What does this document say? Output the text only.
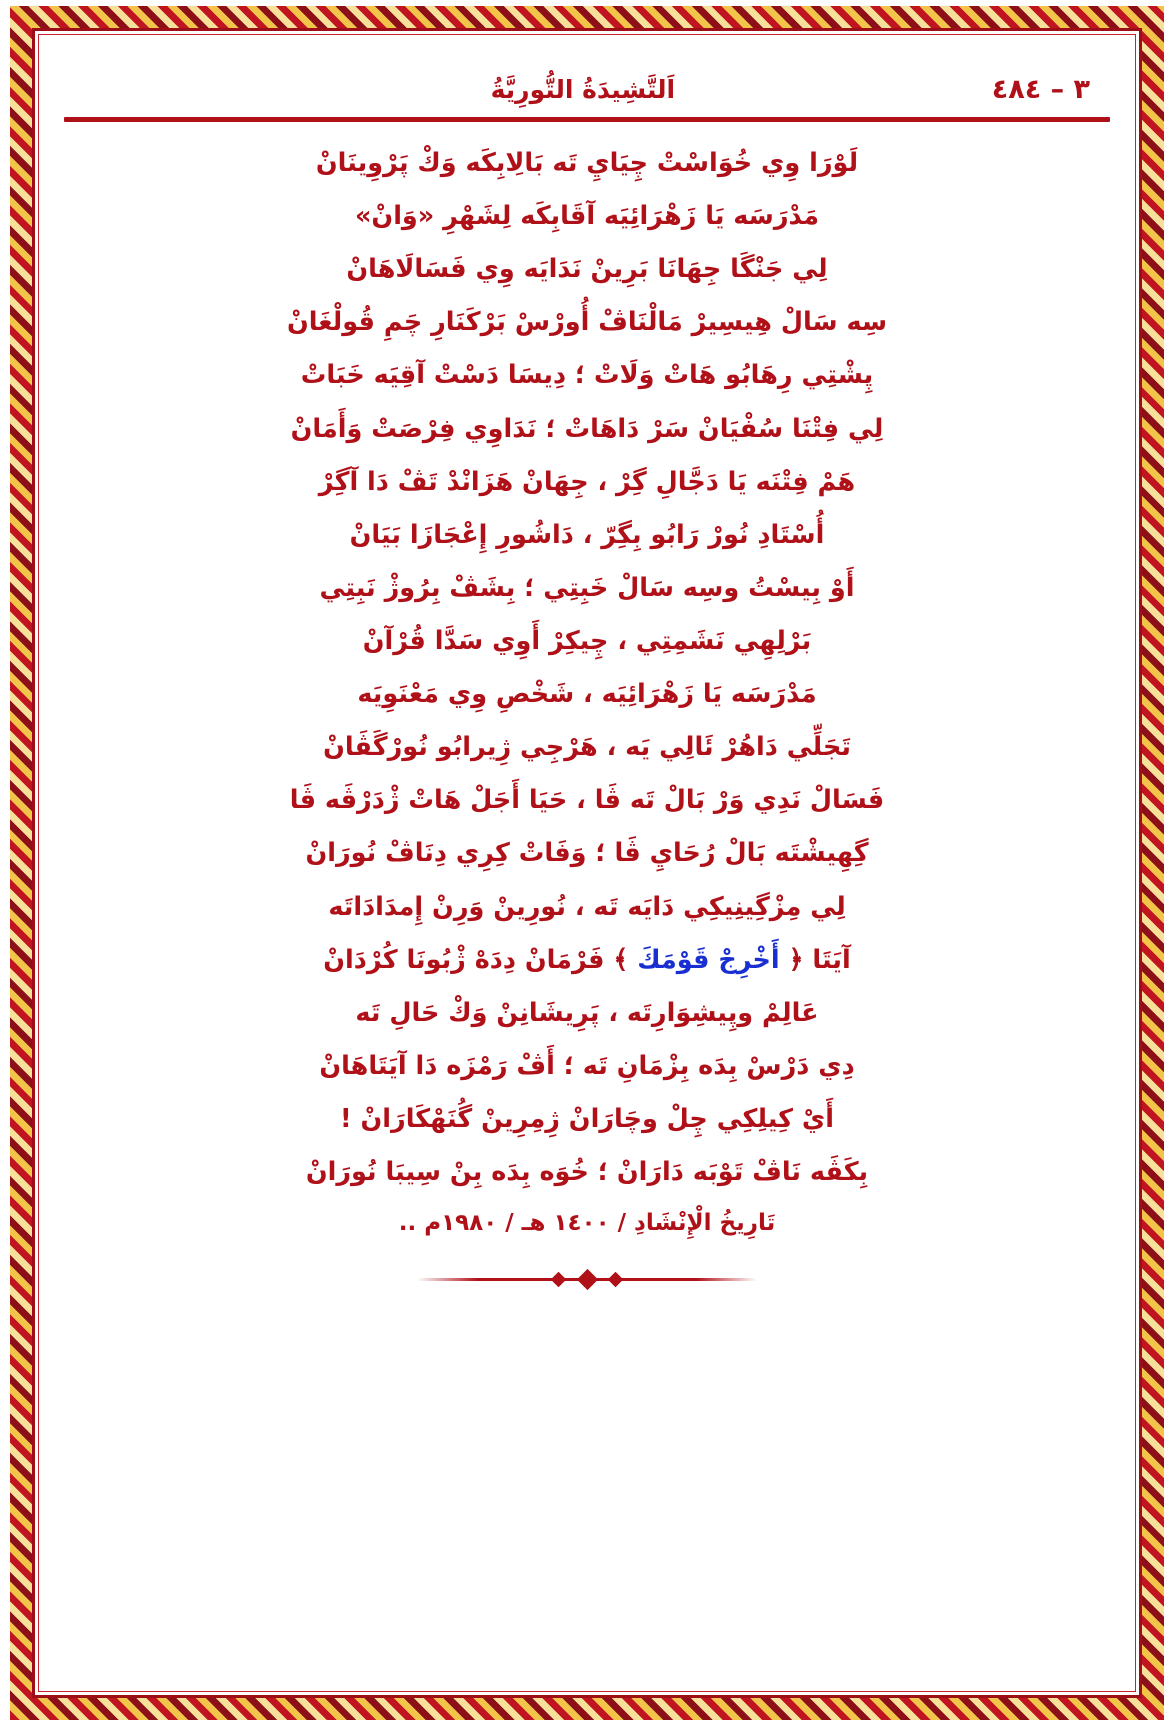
٣ – ٤٨٤
اَلتَّشِيدَةُ التُّورِيَّةُ
لَوْرَا وِي خُوَاسْتْ چِيَايِ تَه بَالِابِكَه وَكْ پَرْوِينَانْ
مَدْرَسَه يَا زَهْرَائِيَه آقَابِكَه لِشَهْرِ «وَانْ»
لِي جَنْگَا جِهَانَا بَرِينْ نَدَايَه وِي فَسَالَاهَانْ
سِه سَالْ هِيسِيرْ مَالْنَاڤْ أُورْسْ بَرْكَنَارِ چَمِ قُولْغَانْ
پِشْتِي رِهَابُو هَاتْ وَلَاتْ ؛ دِيسَا دَسْتْ آقِيَه خَبَاتْ
لِي فِتْنَا سُفْيَانْ سَرْ دَاهَاتْ ؛ نَدَاوِي فِرْصَتْ وَأَمَانْ
هَمْ فِتْنَه يَا دَجَّالِ گِرْ ، جِهَانْ هَزَانْدْ تَڤْ دَا آگِرْ
أُسْتَادِ نُورْ رَابُو بِگِرّ ، دَاشُورِ إِعْجَازَا بَيَانْ
أَوْ بِيسْتُ وسِه سَالْ خَبِتِي ؛ بِشَڤْ بِرُوژْ نَبِتِي
بَرْلِهِي نَشَمِتِي ، چِيكِرْ أَوِي سَدَّا قُرْآنْ
مَدْرَسَه يَا زَهْرَائِيَه ، شَخْصِ وِي مَعْنَوِيَه
تَجَلِّي دَاهُرْ ئَالِي يَه ، هَرْجِي ژِيرابُو نُورْگَڤَانْ
فَسَالْ نَدِي وَرْ بَالْ تَه ڤَا ، حَيَا أَجَلْ هَاتْ ژْدَرْڤَه ڤَا
گِهِيشْتَه بَالْ رُحَايِ ڤَا ؛ وَفَاتْ كِرِي دِنَاڤْ نُورَانْ
لِي مِزْگِينِيكِي دَايَه تَه ، نُورِينْ وَرِنْ إِمدَادَاتَه
آيَتَا ﴿ أَخْرِجْ قَوْمَكَ ﴾ فَرْمَانْ دِدَهْ ژْبُونَا كُرْدَانْ
عَالِمْ وپِيشِوَارِتَه ، پَرِيشَانِنْ وَكْ حَالِ تَه
دِي دَرْسْ بِدَه بِزْمَانِ تَه ؛ أَڤْ رَمْزَه دَا آيَتَاهَانْ
أَيْ كِيلِكِي چِلْ وچَارَانْ ژِمِرِينْ گُنَهْكَارَانْ !
بِكَڤَه نَاڤْ تَوْبَه دَارَانْ ؛ خُوَه بِدَه بِنْ سِيبَا نُورَانْ
تَارِيخُ الْإِنْشَادِ / ١٤٠٠ هـ / ١٩٨٠م ..
